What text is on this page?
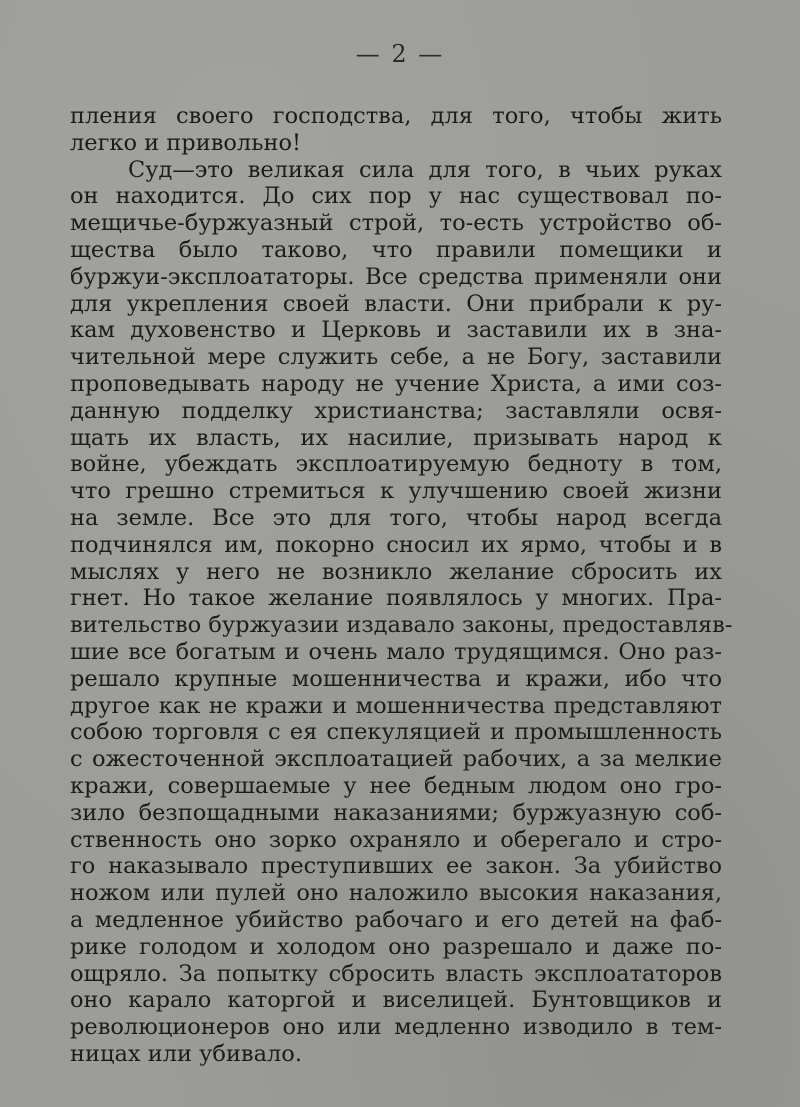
— 2 —
пления своего господства, для того, чтобы жить
легко и привольно!
Суд—это великая сила для того, в чьих руках
он находится. До сих пор у нас существовал по-
мещичье-буржуазный строй, то-есть устройство об-
щества было таково, что правили помещики и
буржуи-эксплоататоры. Все средства применяли они
для укрепления своей власти. Они прибрали к ру-
кам духовенство и Церковь и заставили их в зна-
чительной мере служить себе, а не Богу, заставили
проповедывать народу не учение Христа, а ими соз-
данную подделку христианства; заставляли освя-
щать их власть, их насилие, призывать народ к
войне, убеждать эксплоатируемую бедноту в том,
что грешно стремиться к улучшению своей жизни
на земле. Все это для того, чтобы народ всегда
подчинялся им, покорно сносил их ярмо, чтобы и в
мыслях у него не возникло желание сбросить их
гнет. Но такое желание появлялось у многих. Пра-
вительство буржуазии издавало законы, предоставляв-
шие все богатым и очень мало трудящимся. Оно раз-
решало крупные мошенничества и кражи, ибо что
другое как не кражи и мошенничества представляют
собою торговля с ея спекуляцией и промышленность
с ожесточенной эксплоатацией рабочих, а за мелкие
кражи, совершаемые у нее бедным людом оно гро-
зило безпощадными наказаниями; буржуазную соб-
ственность оно зорко охраняло и оберегало и стро-
го наказывало преступивших ее закон. За убийство
ножом или пулей оно наложило высокия наказания,
а медленное убийство рабочаго и его детей на фаб-
рике голодом и холодом оно разрешало и даже по-
ощряло. За попытку сбросить власть эксплоататоров
оно карало каторгой и виселицей. Бунтовщиков и
революционеров оно или медленно изводило в тем-
ницах или убивало.
